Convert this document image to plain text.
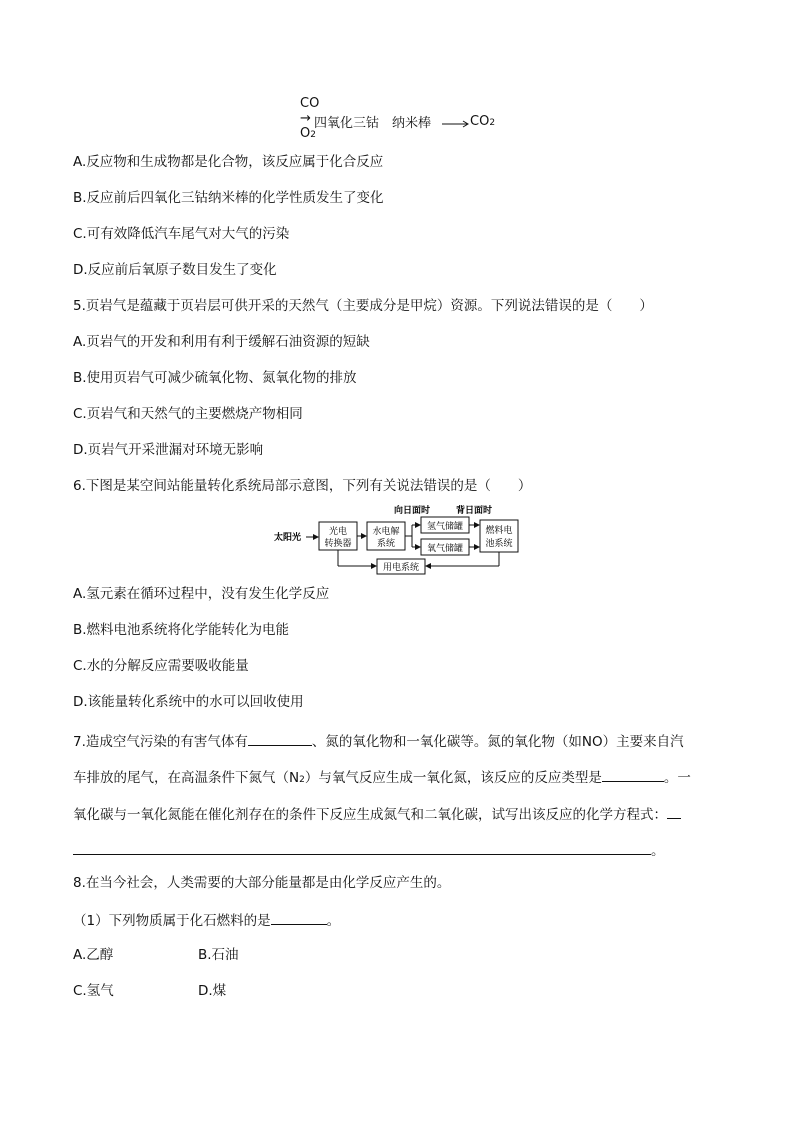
CO
→ 四氧化三钴　纳米棒
O2
CO2
A.反应物和生成物都是化合物，该反应属于化合反应
B.反应前后四氧化三钴纳米棒的化学性质发生了变化
C.可有效降低汽车尾气对大气的污染
D.反应前后氧原子数目发生了变化
5.页岩气是蕴藏于页岩层可供开采的天然气（主要成分是甲烷）资源。下列说法错误的是（　　）
A.页岩气的开发和利用有利于缓解石油资源的短缺
B.使用页岩气可减少硫氧化物、氮氧化物的排放
C.页岩气和天然气的主要燃烧产物相同
D.页岩气开采泄漏对环境无影响
6.下图是某空间站能量转化系统局部示意图，下列有关说法错误的是（　　）
向日面时	背日面时
太阳光
光电
转换器
水电解
系统
氢气储罐
氧气储罐
燃料电
池系统
用电系统
A.氢元素在循环过程中，没有发生化学反应
B.燃料电池系统将化学能转化为电能
C.水的分解反应需要吸收能量
D.该能量转化系统中的水可以回收使用
7.造成空气污染的有害气体有	、氮的氧化物和一氧化碳等。氮的氧化物（如NO）主要来自汽
车排放的尾气，在高温条件下氮气（N2）与氧气反应生成一氧化氮，该反应的反应类型是	。一
氧化碳与一氧化氮能在催化剂存在的条件下反应生成氮气和二氧化碳，试写出该反应的化学方程式：
。
8.在当今社会，人类需要的大部分能量都是由化学反应产生的。
（1）下列物质属于化石燃料的是	。
A.乙醇	B.石油
C.氢气	D.煤
